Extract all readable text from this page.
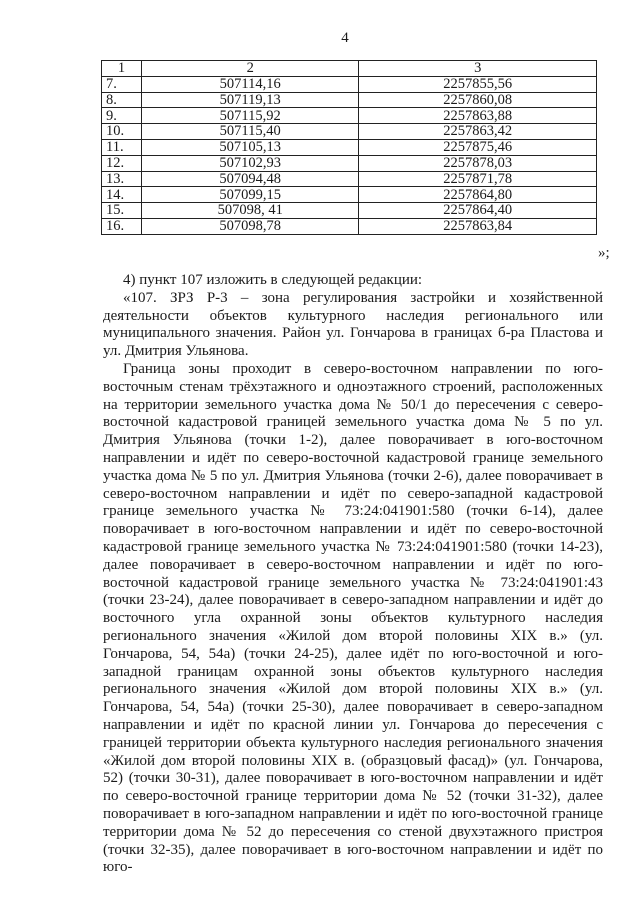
4
1	2	3
7.	507114,16	2257855,56
8.	507119,13	2257860,08
9.	507115,92	2257863,88
10.	507115,40	2257863,42
11.	507105,13	2257875,46
12.	507102,93	2257878,03
13.	507094,48	2257871,78
14.	507099,15	2257864,80
15.	507098, 41	2257864,40
16.	507098,78	2257863,84
»;

4) пункт 107 изложить в следующей редакции:

«107. ЗРЗ Р-3 – зона регулирования застройки и хозяйственной деятельности объектов культурного наследия регионального или муниципального значения. Район ул. Гончарова в границах б-ра Пластова и ул. Дмитрия Ульянова.

Граница зоны проходит в северо-восточном направлении по юго-восточным стенам трёхэтажного и одноэтажного строений, расположенных на территории земельного участка дома № 50/1 до пересечения с северо-восточной кадастровой границей земельного участка дома № 5 по ул. Дмитрия Ульянова (точки 1-2), далее поворачивает в юго-восточном направлении и идёт по северо-восточной кадастровой границе земельного участка дома № 5 по ул. Дмитрия Ульянова (точки 2-6), далее поворачивает в северо-восточном направлении и идёт по северо-западной кадастровой границе земельного участка № 73:24:041901:580 (точки 6-14), далее поворачивает в юго-восточном направлении и идёт по северо-восточной кадастровой границе земельного участка № 73:24:041901:580 (точки 14-23), далее поворачивает в северо-восточном направлении и идёт по юго-восточной кадастровой границе земельного участка № 73:24:041901:43 (точки 23-24), далее поворачивает в северо-западном направлении и идёт до восточного угла охранной зоны объектов культурного наследия регионального значения «Жилой дом второй половины XIX в.» (ул. Гончарова, 54, 54а) (точки 24-25), далее идёт по юго-восточной и юго-западной границам охранной зоны объектов культурного наследия регионального значения «Жилой дом второй половины XIX в.» (ул. Гончарова, 54, 54а) (точки 25-30), далее поворачивает в северо-западном направлении и идёт по красной линии ул. Гончарова до пересечения с границей территории объекта культурного наследия регионального значения «Жилой дом второй половины XIX в. (образцовый фасад)» (ул. Гончарова, 52) (точки 30-31), далее поворачивает в юго-восточном направлении и идёт по северо-восточной границе территории дома № 52 (точки 31-32), далее поворачивает в юго-западном направлении и идёт по юго-восточной границе территории дома № 52 до пересечения со стеной двухэтажного пристроя (точки 32-35), далее поворачивает в юго-восточном направлении и идёт по юго-
